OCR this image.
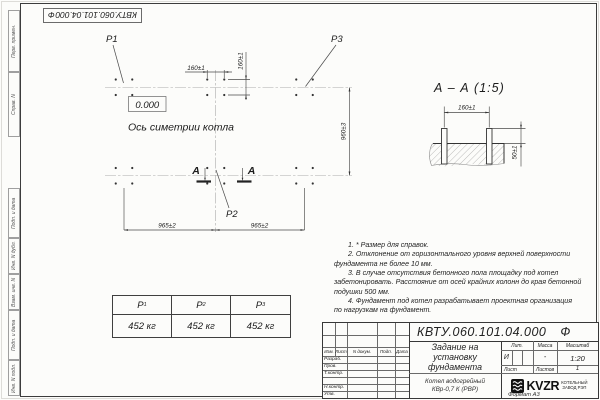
Перв. примен.
Справ. N
Подп. и дата
Инв. N дубл.
Взам. инв. N
Подп. и дата
Инв. N подл.
КВТУ.060.101.04.000
Ф
965±2	965±2
160±1	160±1
960±3
P1	P3
P2
А	А
0.000
Ось симетрии котла
А – А (1:5)
160±1
50±1
1. * Размер для справок.
2. Отклонение от горизонтального уровня верхней поверхности
фундамента не более 10 мм.
3. В случае отсутствия бетонного пола площадку под котел
забетонировать. Расстояние от осей крайних колонн до края бетонной
подушки 500 мм.
4. Фундамент под котел разрабатывает проектная организация
по нагрузкам на фундамент.
P 1	P 2	P 3
452 кг	452 кг	452 кг
Изм. Лист	N докум.	Подп. Дата
Разраб.
Пров.
Т.контр.
Н.контр.
Утв.
КВТУ.060.101.04.000 Ф
Задание на
установку
фундамента
Котел водогрейный
КВр-0,7 К (РВР)
Лит.	Масса	Масштаб
И	-	1:20
Лист	Листов	1
KVZR КОТЕЛЬНЫЙ
ЗАВОД РЭП
Формат А3
